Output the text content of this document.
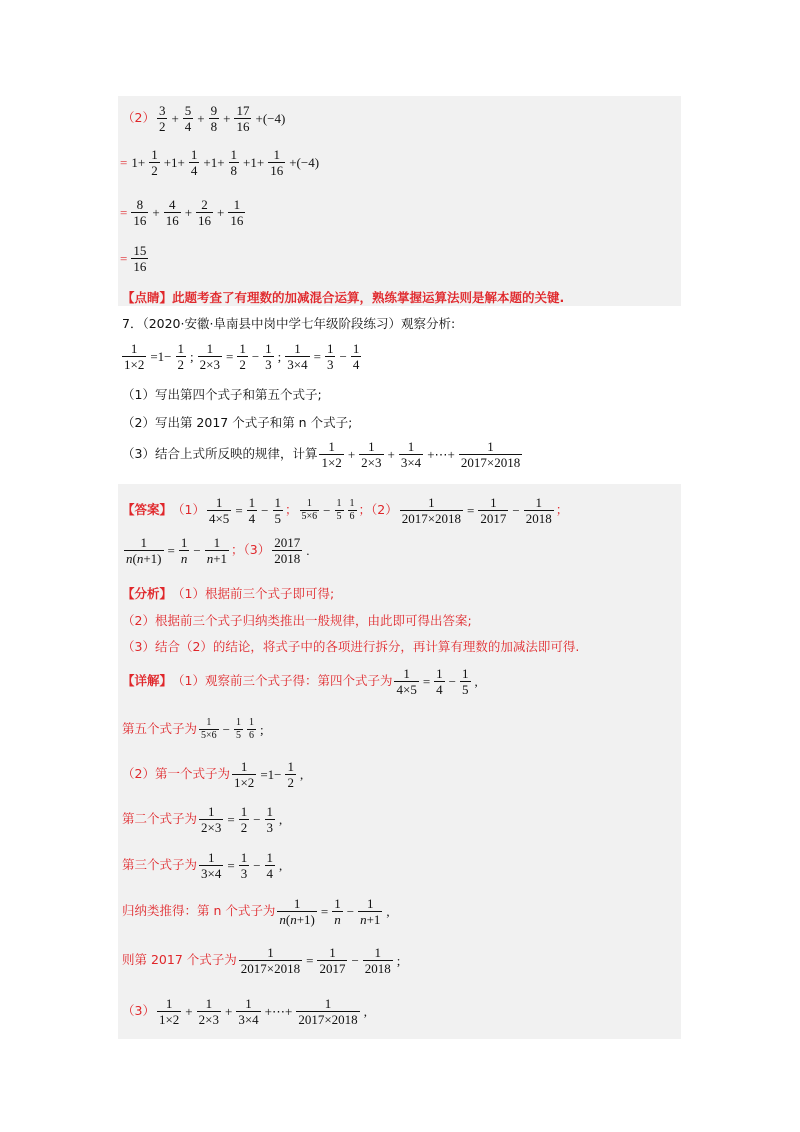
$(2) \frac{3}{2} + \frac{5}{4} + \frac{9}{8} + \frac{17}{16} +(-4)$
= $1+ \frac{1}{2} +1+ \frac{1}{4} +1+ \frac{1}{8} +1+ \frac{1}{16} +(-4)$
= $\frac{8}{16} + \frac{4}{16} + \frac{2}{16} + \frac{1}{16}$
= $\frac{15}{16}$
【点睛】此题考查了有理数的加减混合运算，熟练掌握运算法则是解本题的关键.
7．（2020·安徽·阜南县中岗中学七年级阶段练习）观察分析:
$\frac{1}{1\times 2} =1- \frac{1}{2}$ ; $\frac{1}{2\times 3} = \frac{1}{2} - \frac{1}{3}$ ; $\frac{1}{3\times 4} = \frac{1}{3} - \frac{1}{4}$
（1）写出第四个式子和第五个式子;
（2）写出第 2017 个式子和第 n 个式子;
（3）结合上式所反映的规律，计算 $\frac{1}{1\times 2} + \frac{1}{2\times 3} + \frac{1}{3\times 4}$ +⋯+ $\frac{1}{2017\times 2018}$
【答案】 $(1) \frac{1}{4\times 5} = \frac{1}{4} - \frac{1}{5}$ ； $\frac{1}{5\times 6} - \frac{1}{5} \frac{1}{6}$ ；$(2) \frac{1}{2017\times 2018} = \frac{1}{2017} - \frac{1}{2018}$ ；
$\frac{1}{n(n+1)} = \frac{1}{n} - \frac{1}{n+1}$ ；$(3) \frac{2017}{2018}$ .
【分析】 （1）根据前三个式子即可得;
（2）根据前三个式子归纳类推出一般规律，由此即可得出答案;
（3）结合（2）的结论，将式子中的各项进行拆分，再计算有理数的加减法即可得.
【详解】 （1）观察前三个式子得：第四个式子为 $\frac{1}{4\times 5} = \frac{1}{4} - \frac{1}{5}$ ,
第五个式子为 $\frac{1}{5\times 6} - \frac{1}{5} \frac{1}{6}$ ;
（2）第一个式子为 $\frac{1}{1\times 2} =1- \frac{1}{2}$ ,
第二个式子为 $\frac{1}{2\times 3} = \frac{1}{2} - \frac{1}{3}$ ,
第三个式子为 $\frac{1}{3\times 4} = \frac{1}{3} - \frac{1}{4}$ ,
归纳类推得：第 n 个式子为 $\frac{1}{n(n+1)} = \frac{1}{n} - \frac{1}{n+1}$ ,
则第 2017 个式子为 $\frac{1}{2017\times 2018} = \frac{1}{2017} - \frac{1}{2018}$ ;
$(3) \frac{1}{1\times 2} + \frac{1}{2\times 3} + \frac{1}{3\times 4}$ +⋯+ $\frac{1}{2017\times 2018}$ ,
